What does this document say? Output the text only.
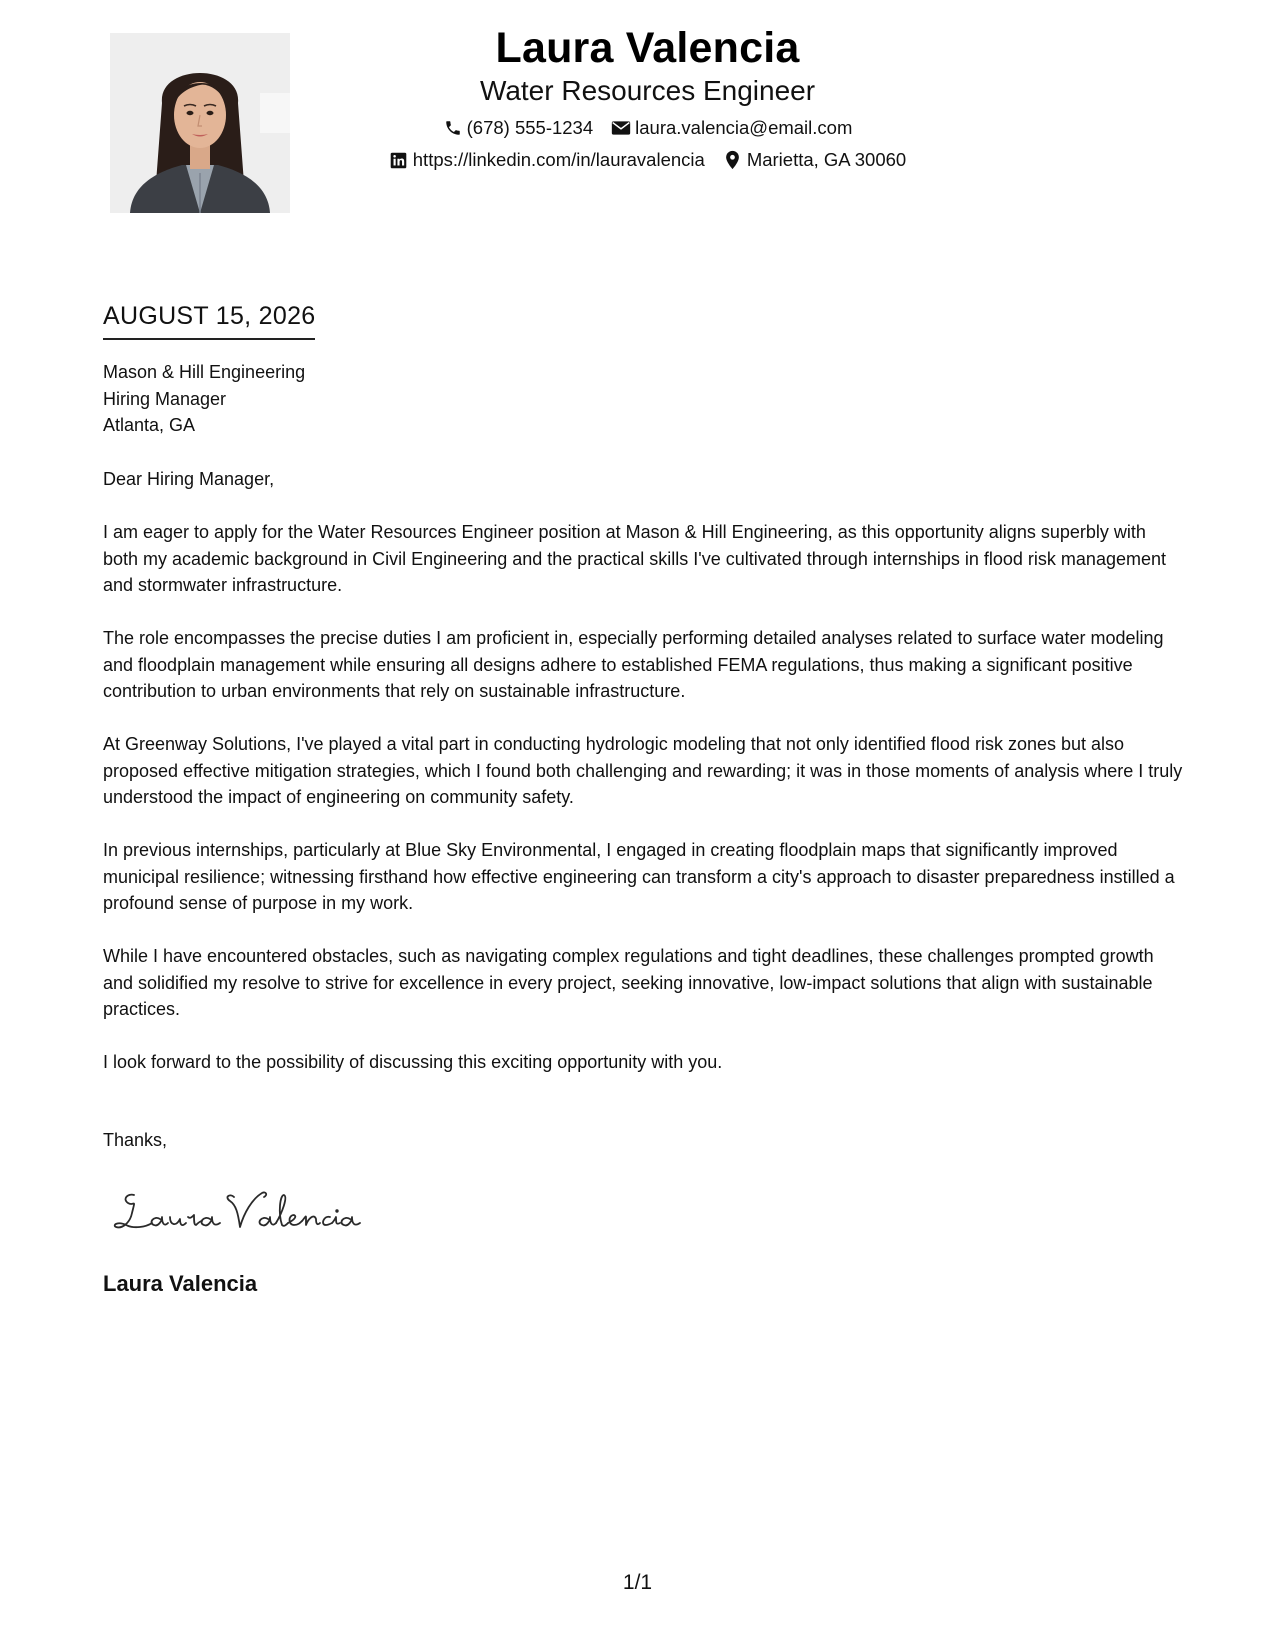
Laura Valencia
Water Resources Engineer
(678) 555-1234 laura.valencia@email.com
https://linkedin.com/in/lauravalencia Marietta, GA 30060
AUGUST 15, 2026
Mason & Hill Engineering
Hiring Manager
Atlanta, GA

Dear Hiring Manager,

I am eager to apply for the Water Resources Engineer position at Mason & Hill Engineering, as this opportunity aligns superbly with both my academic background in Civil Engineering and the practical skills I've cultivated through internships in flood risk management and stormwater infrastructure.

The role encompasses the precise duties I am proficient in, especially performing detailed analyses related to surface water modeling and floodplain management while ensuring all designs adhere to established FEMA regulations, thus making a significant positive contribution to urban environments that rely on sustainable infrastructure.

At Greenway Solutions, I've played a vital part in conducting hydrologic modeling that not only identified flood risk zones but also proposed effective mitigation strategies, which I found both challenging and rewarding; it was in those moments of analysis where I truly understood the impact of engineering on community safety.

In previous internships, particularly at Blue Sky Environmental, I engaged in creating floodplain maps that significantly improved municipal resilience; witnessing firsthand how effective engineering can transform a city's approach to disaster preparedness instilled a profound sense of purpose in my work.

While I have encountered obstacles, such as navigating complex regulations and tight deadlines, these challenges prompted growth and solidified my resolve to strive for excellence in every project, seeking innovative, low-impact solutions that align with sustainable practices.

I look forward to the possibility of discussing this exciting opportunity with you.

Thanks,
Laura Valencia
1/1
